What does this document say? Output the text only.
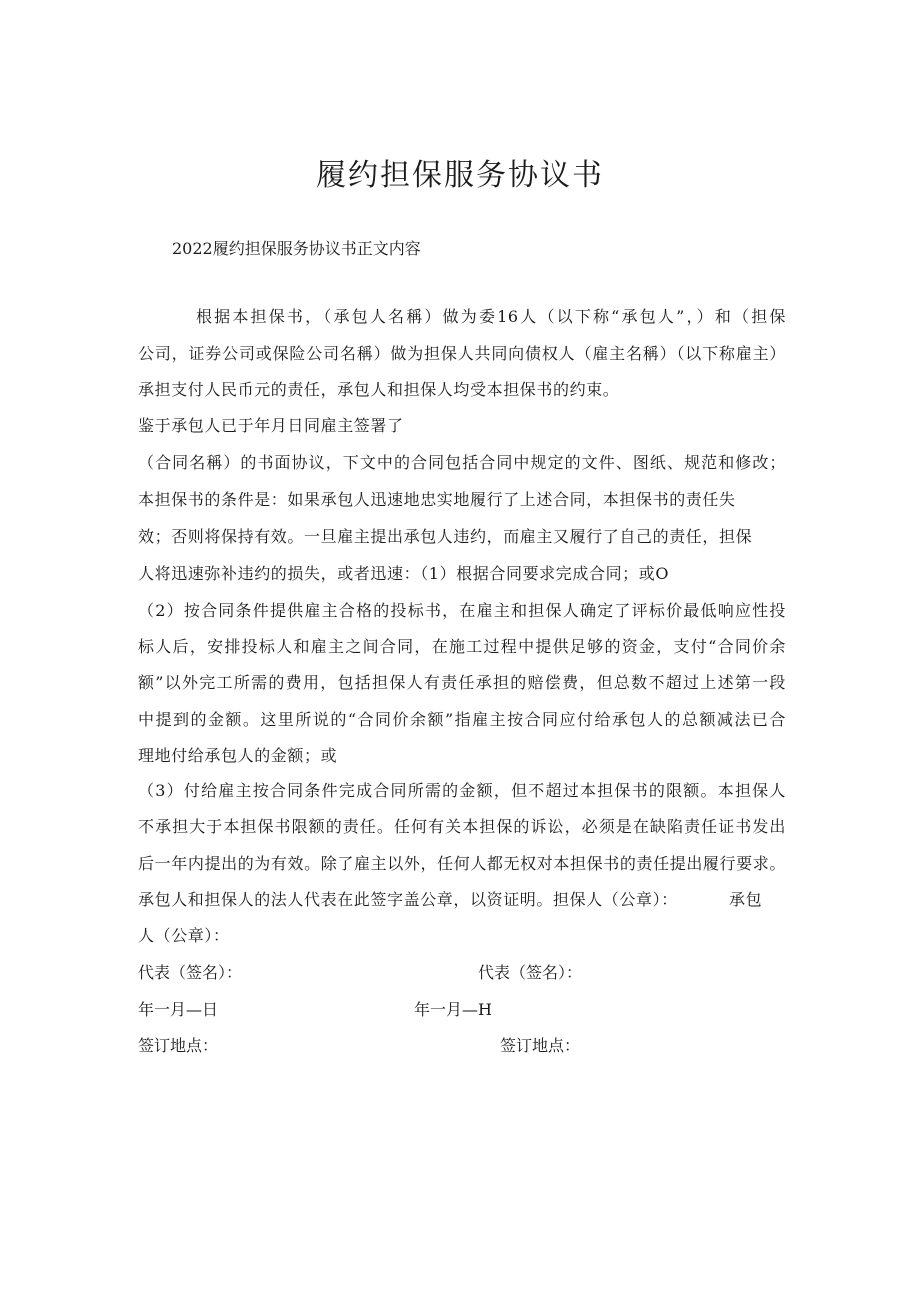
履约担保服务协议书
2022履约担保服务协议书正文内容
根据本担保书，（承包人名稱）做为委16人（以下称“承包人”，）和（担保
公司，证券公司或保险公司名稱）做为担保人共同向债权人（雇主名稱）（以下称雇主）
承担支付人民币元的责任，承包人和担保人均受本担保书的约束。
鉴于承包人已于年月日同雇主签署了
（合同名稱）的书面协议，下文中的合同包括合同中规定的文件、图纸、规范和修改；
本担保书的条件是：如果承包人迅速地忠实地履行了上述合同，本担保书的责任失
效；否则将保持有效。一旦雇主提出承包人违约，而雇主又履行了自己的责任，担保
人将迅速弥补违约的损失，或者迅速：（1）根据合同要求完成合同；或O
（2）按合同条件提供雇主合格的投标书，在雇主和担保人确定了评标价最低响应性投
标人后，安排投标人和雇主之间合同，在施工过程中提供足够的资金，支付“合同价余
额”以外完工所需的费用，包括担保人有责任承担的赔偿费，但总数不超过上述第一段
中提到的金额。这里所说的“合同价余额”指雇主按合同应付给承包人的总额减法已合
理地付给承包人的金额；或
（3）付给雇主按合同条件完成合同所需的金额，但不超过本担保书的限额。本担保人
不承担大于本担保书限额的责任。任何有关本担保的诉讼，必须是在缺陷责任证书发出
后一年内提出的为有效。除了雇主以外，任何人都无权对本担保书的责任提出履行要求。
承包人和担保人的法人代表在此签字盖公章，以资证明。担保人（公章）：         承包
人（公章）：
代表（签名）：	代表（签名）：
年一月—日	年一月—H
签订地点：	签订地点：
